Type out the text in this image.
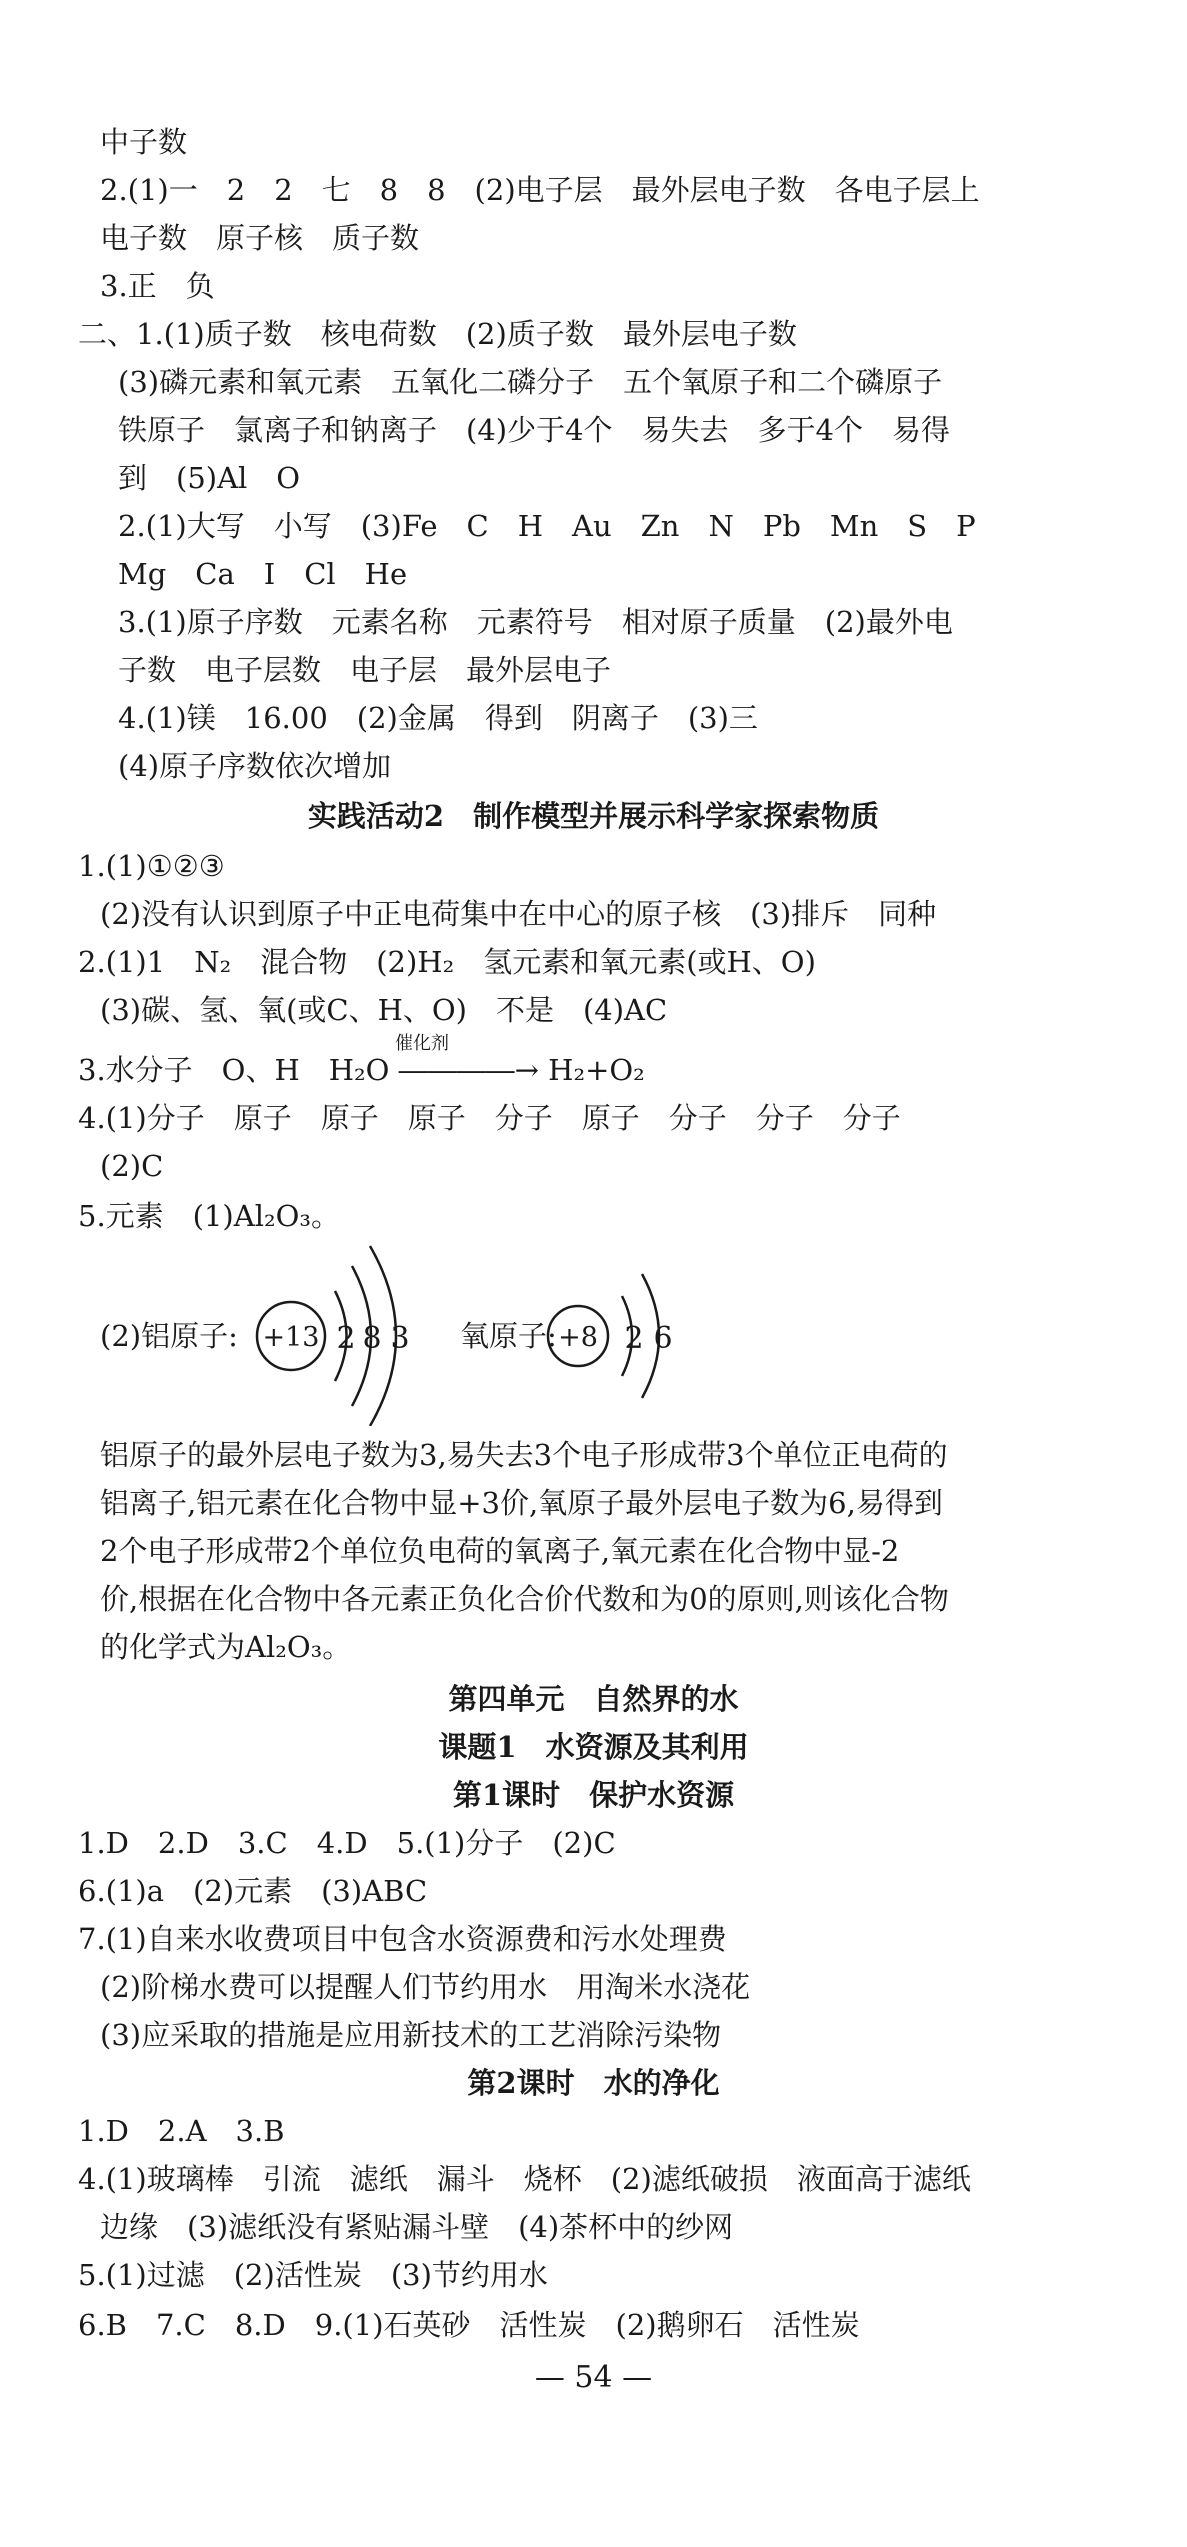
中子数
2.(1)一　2　2　七　8　8　(2)电子层　最外层电子数　各电子层上
电子数　原子核　质子数
3.正　负
二、1.(1)质子数　核电荷数　(2)质子数　最外层电子数
(3)磷元素和氧元素　五氧化二磷分子　五个氧原子和二个磷原子
铁原子　氯离子和钠离子　(4)少于4个　易失去　多于4个　易得
到　(5)Al　O
2.(1)大写　小写　(3)Fe　C　H　Au　Zn　N　Pb　Mn　S　P
Mg　Ca　I　Cl　He
3.(1)原子序数　元素名称　元素符号　相对原子质量　(2)最外电
子数　电子层数　电子层　最外层电子
4.(1)镁　16.00　(2)金属　得到　阴离子　(3)三
(4)原子序数依次增加
实践活动2　制作模型并展示科学家探索物质
1.(1)①②③
(2)没有认识到原子中正电荷集中在中心的原子核　(3)排斥　同种
2.(1)1　N₂　混合物　(2)H₂　氢元素和氧元素(或H、O)
(3)碳、氢、氧(或C、H、O)　不是　(4)AC
催化剂
3.水分子　O、H　H₂O ――――→ H₂+O₂
4.(1)分子　原子　原子　原子　分子　原子　分子　分子　分子
(2)C
5.元素　(1)Al₂O₃。
(2)铝原子: +13 2 8 3 氧原子: +8 2 6
铝原子的最外层电子数为3,易失去3个电子形成带3个单位正电荷的
铝离子,铝元素在化合物中显+3价,氧原子最外层电子数为6,易得到
2个电子形成带2个单位负电荷的氧离子,氧元素在化合物中显-2
价,根据在化合物中各元素正负化合价代数和为0的原则,则该化合物
的化学式为Al₂O₃。
第四单元　自然界的水
课题1　水资源及其利用
第1课时　保护水资源
1.D　2.D　3.C　4.D　5.(1)分子　(2)C
6.(1)a　(2)元素　(3)ABC
7.(1)自来水收费项目中包含水资源费和污水处理费
(2)阶梯水费可以提醒人们节约用水　用淘米水浇花
(3)应采取的措施是应用新技术的工艺消除污染物
第2课时　水的净化
1.D　2.A　3.B
4.(1)玻璃棒　引流　滤纸　漏斗　烧杯　(2)滤纸破损　液面高于滤纸
边缘　(3)滤纸没有紧贴漏斗壁　(4)茶杯中的纱网
5.(1)过滤　(2)活性炭　(3)节约用水
6.B　7.C　8.D　9.(1)石英砂　活性炭　(2)鹅卵石　活性炭
— 54 —
